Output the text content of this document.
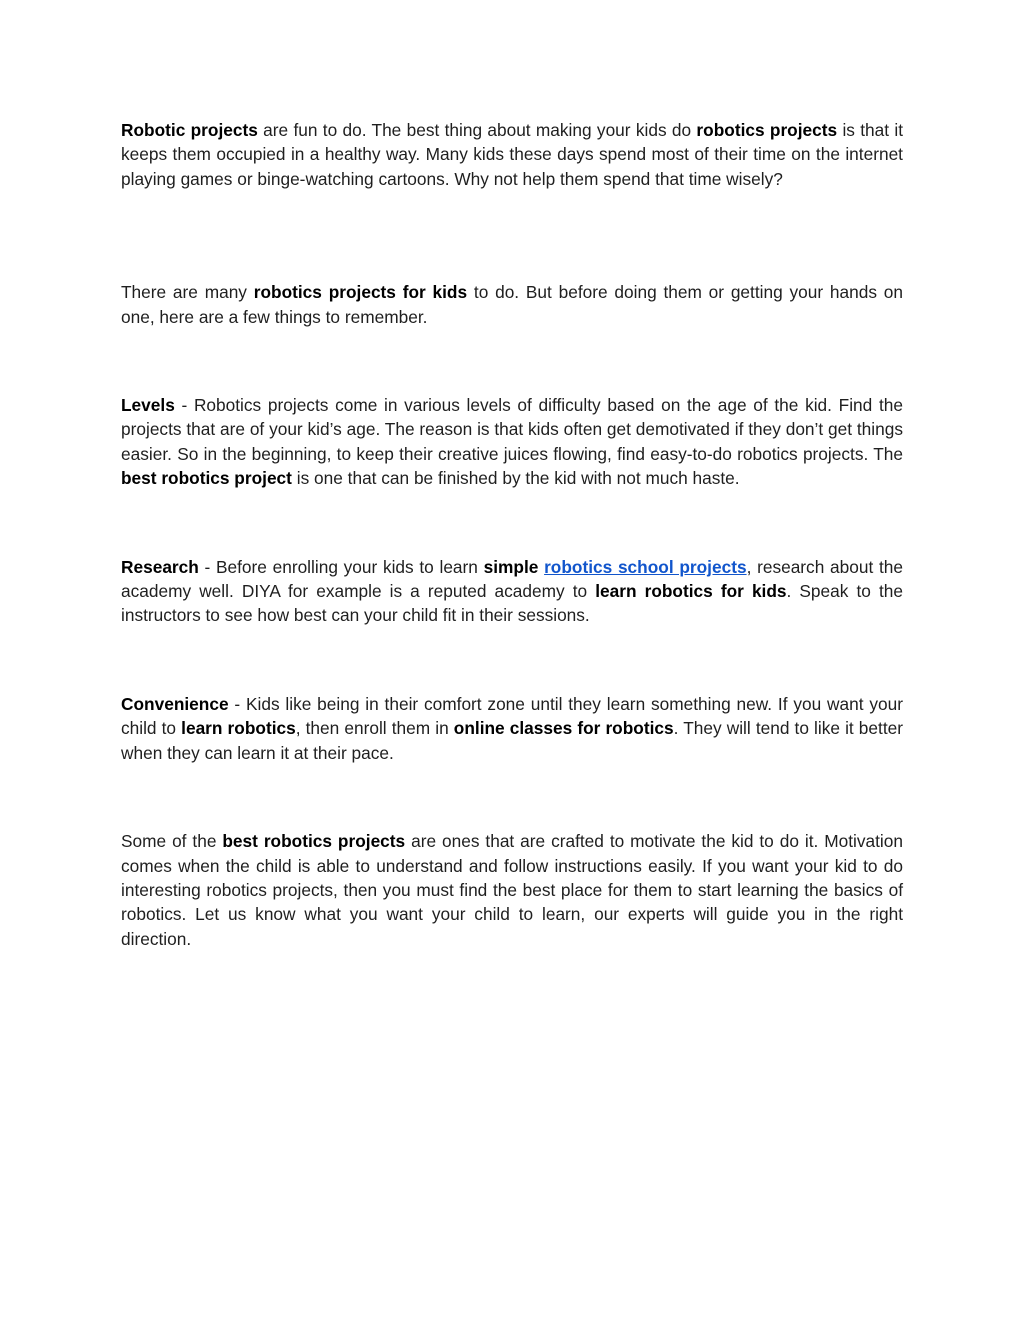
Robotic projects are fun to do. The best thing about making your kids do robotics projects is that it keeps them occupied in a healthy way. Many kids these days spend most of their time on the internet playing games or binge-watching cartoons. Why not help them spend that time wisely?

There are many robotics projects for kids to do. But before doing them or getting your hands on one, here are a few things to remember.

Levels - Robotics projects come in various levels of difficulty based on the age of the kid. Find the projects that are of your kid’s age. The reason is that kids often get demotivated if they don’t get things easier. So in the beginning, to keep their creative juices flowing, find easy-to-do robotics projects. The best robotics project is one that can be finished by the kid with not much haste.

Research - Before enrolling your kids to learn simple robotics school projects, research about the academy well. DIYA for example is a reputed academy to learn robotics for kids. Speak to the instructors to see how best can your child fit in their sessions.

Convenience - Kids like being in their comfort zone until they learn something new. If you want your child to learn robotics, then enroll them in online classes for robotics. They will tend to like it better when they can learn it at their pace.

Some of the best robotics projects are ones that are crafted to motivate the kid to do it. Motivation comes when the child is able to understand and follow instructions easily. If you want your kid to do interesting robotics projects, then you must find the best place for them to start learning the basics of robotics. Let us know what you want your child to learn, our experts will guide you in the right direction.
